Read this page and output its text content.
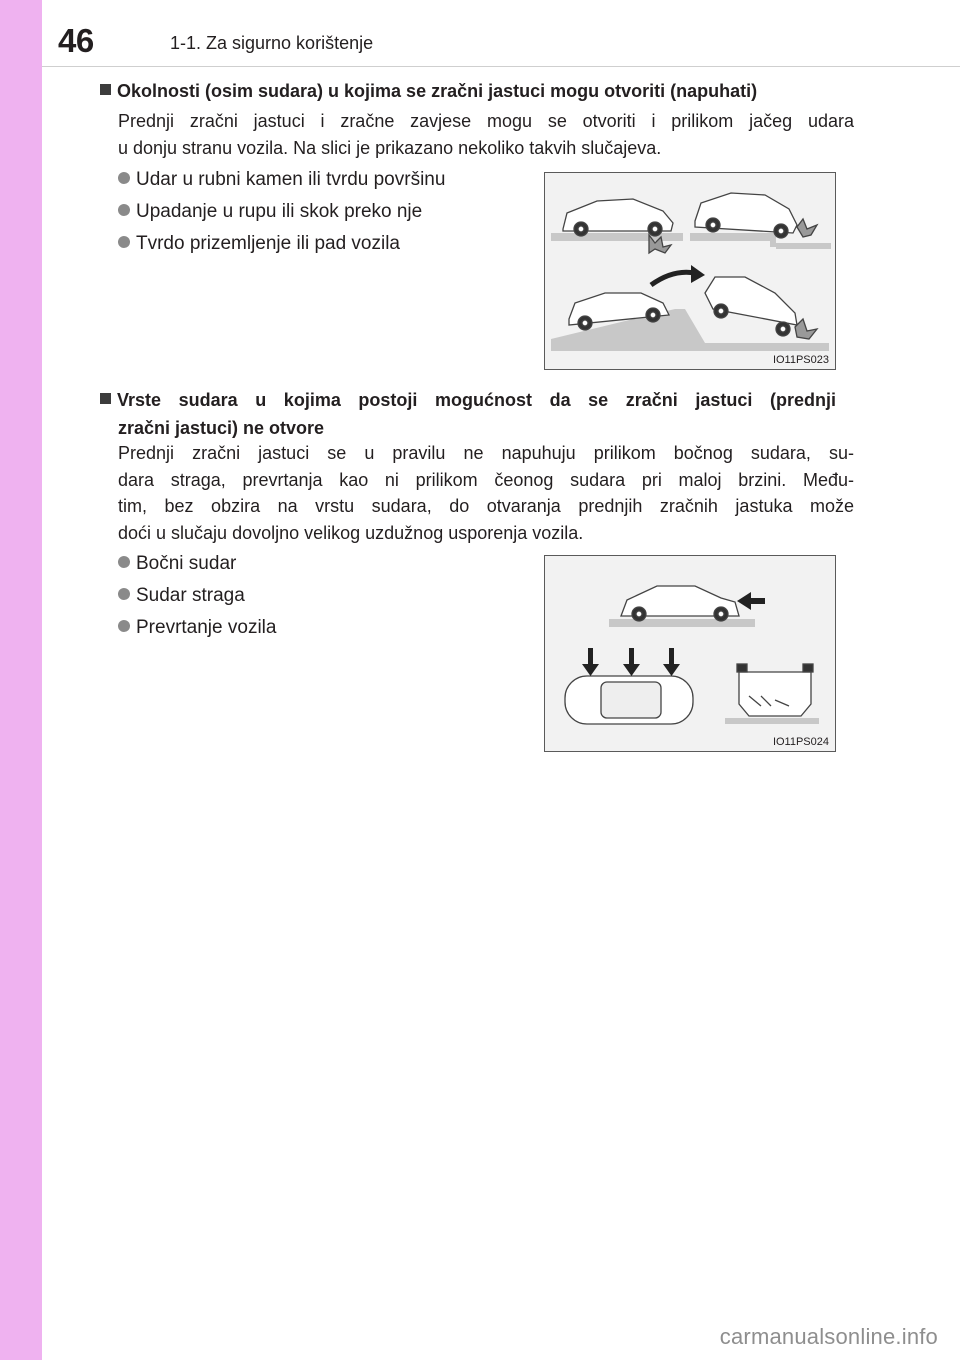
46	1-1. Za sigurno korištenje
Okolnosti (osim sudara) u kojima se zračni jastuci mogu otvoriti (napuhati)
Prednji zračni jastuci i zračne zavjese mogu se otvoriti i prilikom jačeg udara
u donju stranu vozila. Na slici je prikazano nekoliko takvih slučajeva.
Udar u rubni kamen ili tvrdu površinu
Upadanje u rupu ili skok preko nje
Tvrdo prizemljenje ili pad vozila
IO11PS023
Vrste sudara u kojima postoji mogućnost da se zračni jastuci (prednji
zračni jastuci) ne otvore
Prednji zračni jastuci se u pravilu ne napuhuju prilikom bočnog sudara, su-
dara straga, prevrtanja kao ni prilikom čeonog sudara pri maloj brzini. Među-
tim, bez obzira na vrstu sudara, do otvaranja prednjih zračnih jastuka može
doći u slučaju dovoljno velikog uzdužnog usporenja vozila.
Bočni sudar
Sudar straga
Prevrtanje vozila
IO11PS024
carmanualsonline.info
